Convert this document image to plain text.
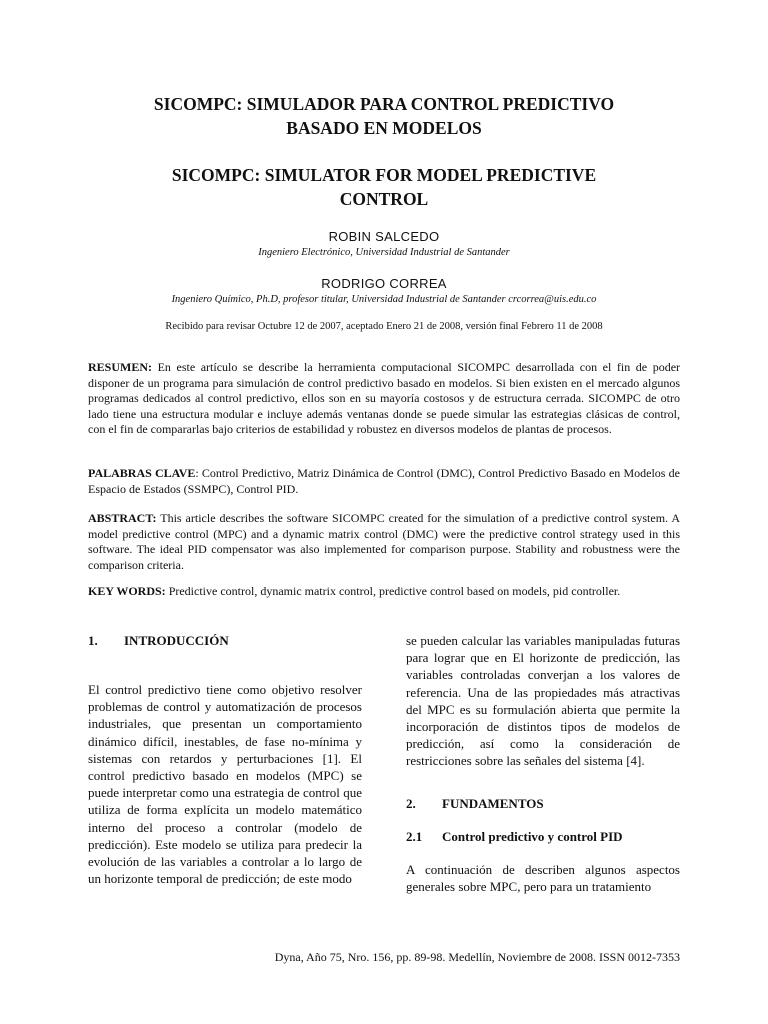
SICOMPC: SIMULADOR PARA CONTROL PREDICTIVO
BASADO EN MODELOS
SICOMPC: SIMULATOR FOR MODEL PREDICTIVE
CONTROL
ROBIN SALCEDO
Ingeniero Electrónico, Universidad Industrial de Santander
RODRIGO CORREA
Ingeniero Químico, Ph.D, profesor titular, Universidad Industrial de Santander crcorrea@uis.edu.co
Recibido para revisar Octubre 12 de 2007, aceptado Enero 21 de 2008, versión final Febrero 11 de 2008
RESUMEN: En este artículo se describe la herramienta computacional SICOMPC desarrollada con el fin de poder disponer de un programa para simulación de control predictivo basado en modelos. Si bien existen en el mercado algunos programas dedicados al control predictivo, ellos son en su mayoría costosos y de estructura cerrada. SICOMPC de otro lado tiene una estructura modular e incluye además ventanas donde se puede simular las estrategias clásicas de control, con el fin de compararlas bajo criterios de estabilidad y robustez en diversos modelos de plantas de procesos.
PALABRAS CLAVE: Control Predictivo, Matriz Dinámica de Control (DMC), Control Predictivo Basado en Modelos de Espacio de Estados (SSMPC), Control PID.
ABSTRACT: This article describes the software SICOMPC created for the simulation of a predictive control system. A model predictive control (MPC) and a dynamic matrix control (DMC) were the predictive control strategy used in this software. The ideal PID compensator was also implemented for comparison purpose. Stability and robustness were the comparison criteria.
KEY WORDS: Predictive control, dynamic matrix control, predictive control based on models, pid controller.
1. INTRODUCCIÓN
El control predictivo tiene como objetivo resolver problemas de control y automatización de procesos industriales, que presentan un comportamiento dinámico difícil, inestables, de fase no-mínima y sistemas con retardos y perturbaciones [1]. El control predictivo basado en modelos (MPC) se puede interpretar como una estrategia de control que utiliza de forma explícita un modelo matemático interno del proceso a controlar (modelo de predicción). Este modelo se utiliza para predecir la evolución de las variables a controlar a lo largo de un horizonte temporal de predicción; de este modo
se pueden calcular las variables manipuladas futuras para lograr que en El horizonte de predicción, las variables controladas converjan a los valores de referencia. Una de las propiedades más atractivas del MPC es su formulación abierta que permite la incorporación de distintos tipos de modelos de predicción, así como la consideración de restricciones sobre las señales del sistema [4].
2. FUNDAMENTOS
2.1 Control predictivo y control PID
A continuación de describen algunos aspectos generales sobre MPC, pero para un tratamiento
Dyna, Año 75, Nro. 156, pp. 89-98. Medellín, Noviembre de 2008. ISSN 0012-7353
